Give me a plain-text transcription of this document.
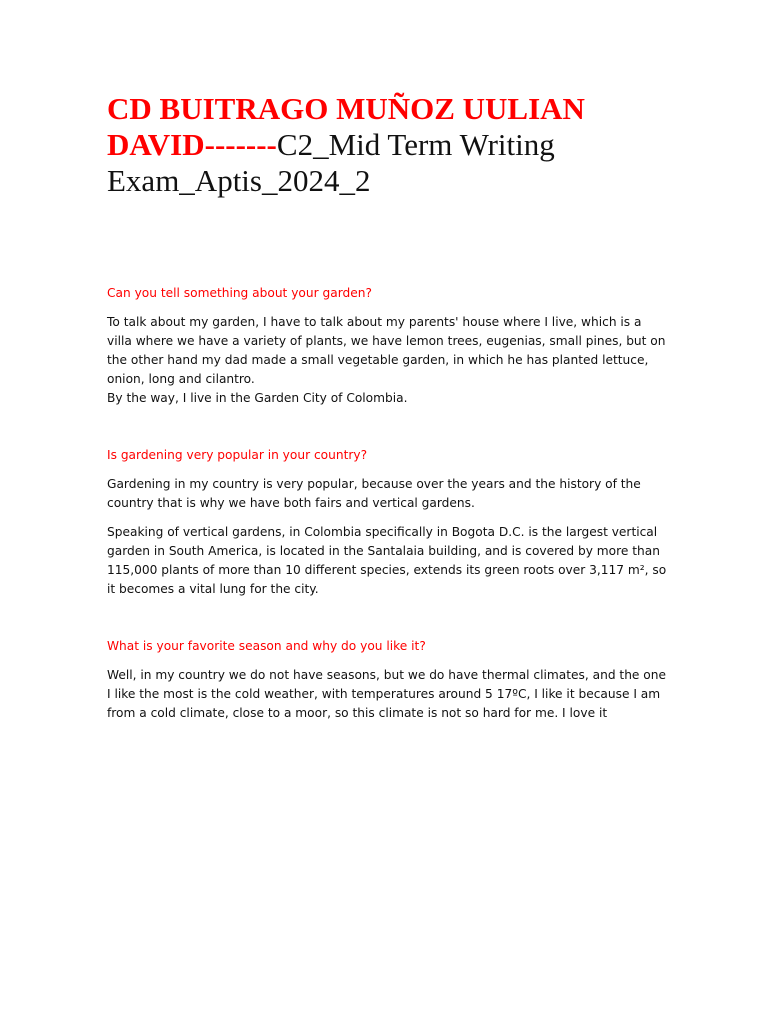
CD BUITRAGO MUÑOZ UULIAN DAVID-------C2_Mid Term Writing Exam_Aptis_2024_2

Can you tell something about your garden?

To talk about my garden, I have to talk about my parents' house where I live, which is a villa where we have a variety of plants, we have lemon trees, eugenias, small pines, but on the other hand my dad made a small vegetable garden, in which he has planted lettuce, onion, long and cilantro.

By the way, I live in the Garden City of Colombia.

Is gardening very popular in your country?

Gardening in my country is very popular, because over the years and the history of the country that is why we have both fairs and vertical gardens.

Speaking of vertical gardens, in Colombia specifically in Bogota D.C. is the largest vertical garden in South America, is located in the Santalaia building, and is covered by more than 115,000 plants of more than 10 different species, extends its green roots over 3,117 m², so it becomes a vital lung for the city.

What is your favorite season and why do you like it?

Well, in my country we do not have seasons, but we do have thermal climates, and the one I like the most is the cold weather, with temperatures around 5 17ºC, I like it because I am from a cold climate, close to a moor, so this climate is not so hard for me. I love it
